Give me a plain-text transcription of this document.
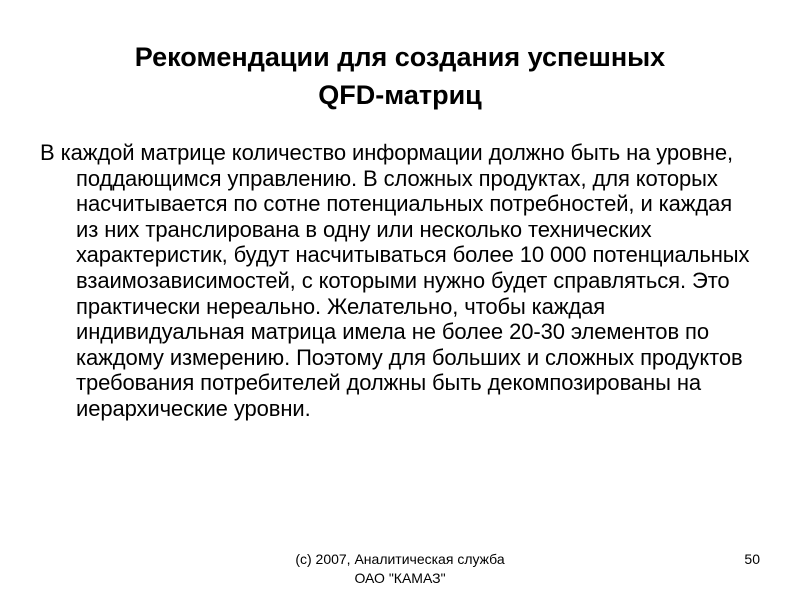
Рекомендации для создания успешных
QFD-матриц

В каждой матрице количество информации должно быть на уровне, поддающимся управлению. В сложных продуктах, для которых насчитывается по сотне потенциальных потребностей, и каждая из них транслирована в одну или несколько технических характеристик, будут насчитываться более 10 000 потенциальных взаимозависимостей, с которыми нужно будет справляться. Это практически нереально. Желательно, чтобы каждая индивидуальная матрица имела не более 20-30 элементов по каждому измерению. Поэтому для больших и сложных продуктов требования потребителей должны быть декомпозированы на иерархические уровни.

(c) 2007, Аналитическая служба
ОАО "КАМАЗ"
50
